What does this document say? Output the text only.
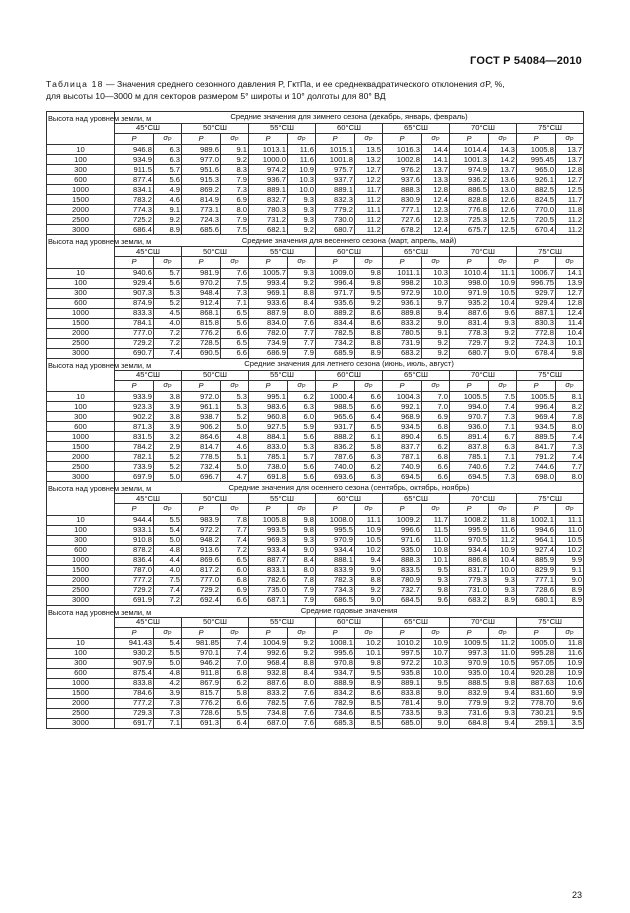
ГОСТ Р 54084—2010
Таблица 18 — Значения среднего сезонного давления P, ГктПа, и ее среднеквадратического отклонения σP, %,
для высоты 10—3000 м для секторов размером 5° широты и 10° долготы для 80° ВД
Высота над уровнем земли, м	Средние значения для зимнего сезона (декабрь, январь, февраль)													
	45°СШ		50°СШ		55°СШ		60°СШ		65°СШ		70°СШ		75°СШ	
	P	σP	P	σP	P	σP	P	σP	P	σP	P	σP	P	σP
10	946.8	6.3	989.6	9.1	1013.1	11.6	1015.1	13.5	1016.3	14.4	1014.4	14.3	1005.8	13.7
100	934.9	6.3	977.0	9.2	1000.0	11.6	1001.8	13.2	1002.8	14.1	1001.3	14.2	995.45	13.7
300	911.5	5.7	951.6	8.3	974.2	10.9	975.7	12.7	976.2	13.7	974.9	13.7	965.0	12.8
600	877.4	5.6	915.3	7.9	936.7	10.3	937.7	12.2	937.6	13.3	936.2	13.6	926.1	12.7
1000	834.1	4.9	869.2	7.3	889.1	10.0	889.1	11.7	888.3	12.8	886.5	13.0	882.5	12.5
1500	783.2	4.6	814.9	6.9	832.7	9.3	832.3	11.2	830.9	12.4	828.8	12.6	824.5	11.7
2000	774.3	9.1	773.1	8.0	780.3	9.3	779.2	11.1	777.1	12.3	776.8	12.6	770.0	11.8
2500	725.2	9.2	724.3	7.9	731.2	9.3	730.0	11.2	727.6	12.3	725.3	12.5	720.5	11.2
3000	686.4	8.9	685.6	7.5	682.1	9.2	680.7	11.2	678.2	12.4	675.7	12.5	670.4	11.2
Высота над уровнем земли, м	Средние значения для весеннего сезона (март, апрель, май)													
	45°СШ		50°СШ		55°СШ		60°СШ		65°СШ		70°СШ		75°СШ	
	P	σP	P	σP	P	σP	P	σP	P	σP	P	σP	P	σP
10	940.6	5.7	981.9	7.6	1005.7	9.3	1009.0	9.8	1011.1	10.3	1010.4	11.1	1006.7	14.1
100	929.4	5.6	970.2	7.5	993.4	9.2	996.4	9.8	998.2	10.3	998.0	10.9	996.75	13.9
300	907.3	5.3	948.4	7.3	969.1	8.8	971.7	9.5	972.9	10.0	971.9	10.5	929.7	12.7
600	874.9	5.2	912.4	7.1	933.6	8.4	935.6	9.2	936.1	9.7	935.2	10.4	929.4	12.8
1000	833.3	4.5	868.1	6.5	887.9	8.0	889.2	8.6	889.8	9.4	887.6	9.6	887.1	12.4
1500	784.1	4.0	815.8	5.6	834.0	7.6	834.4	8.6	833.2	9.0	831.4	9.3	830.3	11.4
2000	777.0	7.2	776.2	6.6	782.0	7.7	782.5	8.8	780.5	9.1	778.3	9.2	772.8	10.4
2500	729.2	7.2	728.5	6.5	734.9	7.7	734.2	8.8	731.9	9.2	729.7	9.2	724.3	10.1
3000	690.7	7.4	690.5	6.6	686.9	7.9	685.9	8.9	683.2	9.2	680.7	9.0	678.4	9.8
Высота над уровнем земли, м	Средние значения для летнего сезона (июнь, июль, август)													
	45°СШ		50°СШ		55°СШ		60°СШ		65°СШ		70°СШ		75°СШ	
	P	σP	P	σP	P	σP	P	σP	P	σP	P	σP	P	σP
10	933.9	3.8	972.0	5.3	995.1	6.2	1000.4	6.6	1004.3	7.0	1005.5	7.5	1005.5	8.1
100	923.3	3.9	961.1	5.3	983.6	6.3	988.5	6.6	992.1	7.0	994.0	7.4	996.4	8.2
300	902.2	3.8	938.7	5.2	960.8	6.0	965.6	6.4	968.9	6.9	970.7	7.3	969.4	7.8
600	871.3	3.9	906.2	5.0	927.5	5.9	931.7	6.5	934.5	6.8	936.0	7.1	934.5	8.0
1000	831.5	3.2	864.6	4.8	884.1	5.6	888.2	6.1	890.4	6.5	891.4	6.7	889.5	7.4
1500	784.2	2.9	814.7	4.6	833.0	5.3	836.2	5.8	837.7	6.2	837.8	6.3	841.7	7.3
2000	782.1	5.2	778.5	5.1	785.1	5.7	787.6	6.3	787.1	6.8	785.1	7.1	791.2	7.4
2500	733.9	5.2	732.4	5.0	738.0	5.6	740.0	6.2	740.9	6.6	740.6	7.2	744.6	7.7
3000	697.9	5.0	696.7	4.7	691.8	5.6	693.6	6.3	694.5	6.6	694.5	7.3	698.0	8.0
Высота над уровнем земли, м	Средние значения для осеннего сезона (сентябрь, октябрь, ноябрь)													
	45°СШ		50°СШ		55°СШ		60°СШ		65°СШ		70°СШ		75°СШ	
	P	σP	P	σP	P	σP	P	σP	P	σP	P	σP	P	σP
10	944.4	5.5	983.9	7.8	1005.8	9.8	1008.0	11.1	1009.2	11.7	1008.2	11.8	1002.1	11.1
100	933.1	5.4	972.2	7.7	993.5	9.8	995.5	10.9	996.6	11.5	995.9	11.6	994.6	11.0
300	910.8	5.0	948.2	7.4	969.3	9.3	970.9	10.5	971.6	11.0	970.5	11.2	964.1	10.5
600	878.2	4.8	913.6	7.2	933.4	9.0	934.4	10.2	935.0	10.8	934.4	10.9	927.4	10.2
1000	836.4	4.4	869.6	6.5	887.7	8.4	888.1	9.4	888.3	10.1	886.8	10.4	885.9	9.9
1500	787.0	4.0	817.2	6.0	833.1	8.0	833.9	9.0	833.5	9.5	831.7	10.0	829.9	9.1
2000	777.2	7.5	777.0	6.8	782.6	7.8	782.3	8.8	780.9	9.3	779.3	9.3	777.1	9.0
2500	729.2	7.4	729.2	6.9	735.0	7.9	734.3	9.2	732.7	9.8	731.0	9.3	728.6	8.9
3000	691.9	7.2	692.4	6.6	687.1	7.9	686.5	9.0	684.5	9.6	683.2	8.9	680.1	8.9
Высота над уровнем земли, м	Средние годовые значения													
	45°СШ		50°СШ		55°СШ		60°СШ		65°СШ		70°СШ		75°СШ	
	P	σP	P	σP	P	σP	P	σP	P	σP	P	σP	P	σP
10	941.43	5.4	981.85	7.4	1004.9	9.2	1008.1	10.2	1010.2	10.9	1009.5	11.2	1005.0	11.8
100	930.2	5.5	970.1	7.4	992.6	9.2	995.6	10.1	997.5	10.7	997.3	11.0	995.28	11.6
300	907.9	5.0	946.2	7.0	968.4	8.8	970.8	9.8	972.2	10.3	970.9	10.5	957.05	10.9
600	875.4	4.8	911.8	6.8	932.8	8.4	934.7	9.5	935.8	10.0	935.0	10.4	920.28	10.9
1000	833.8	4.2	867.9	6.2	887.6	8.0	888.9	8.9	889.1	9.5	888.5	9.8	887.63	10.6
1500	784.6	3.9	815.7	5.8	833.2	7.6	834.2	8.6	833.8	9.0	832.9	9.4	831.60	9.9
2000	777.2	7.3	776.2	6.6	782.5	7.6	782.9	8.5	781.4	9.0	779.9	9.2	778.70	9.6
2500	729.3	7.3	728.6	5.5	734.8	7.6	734.6	8.5	733.5	9.3	731.6	9.3	730.21	9.5
3000	691.7	7.1	691.3	6.4	687.0	7.6	685.3	8.5	685.0	9.0	684.8	9.4	259.1	3.5
23
